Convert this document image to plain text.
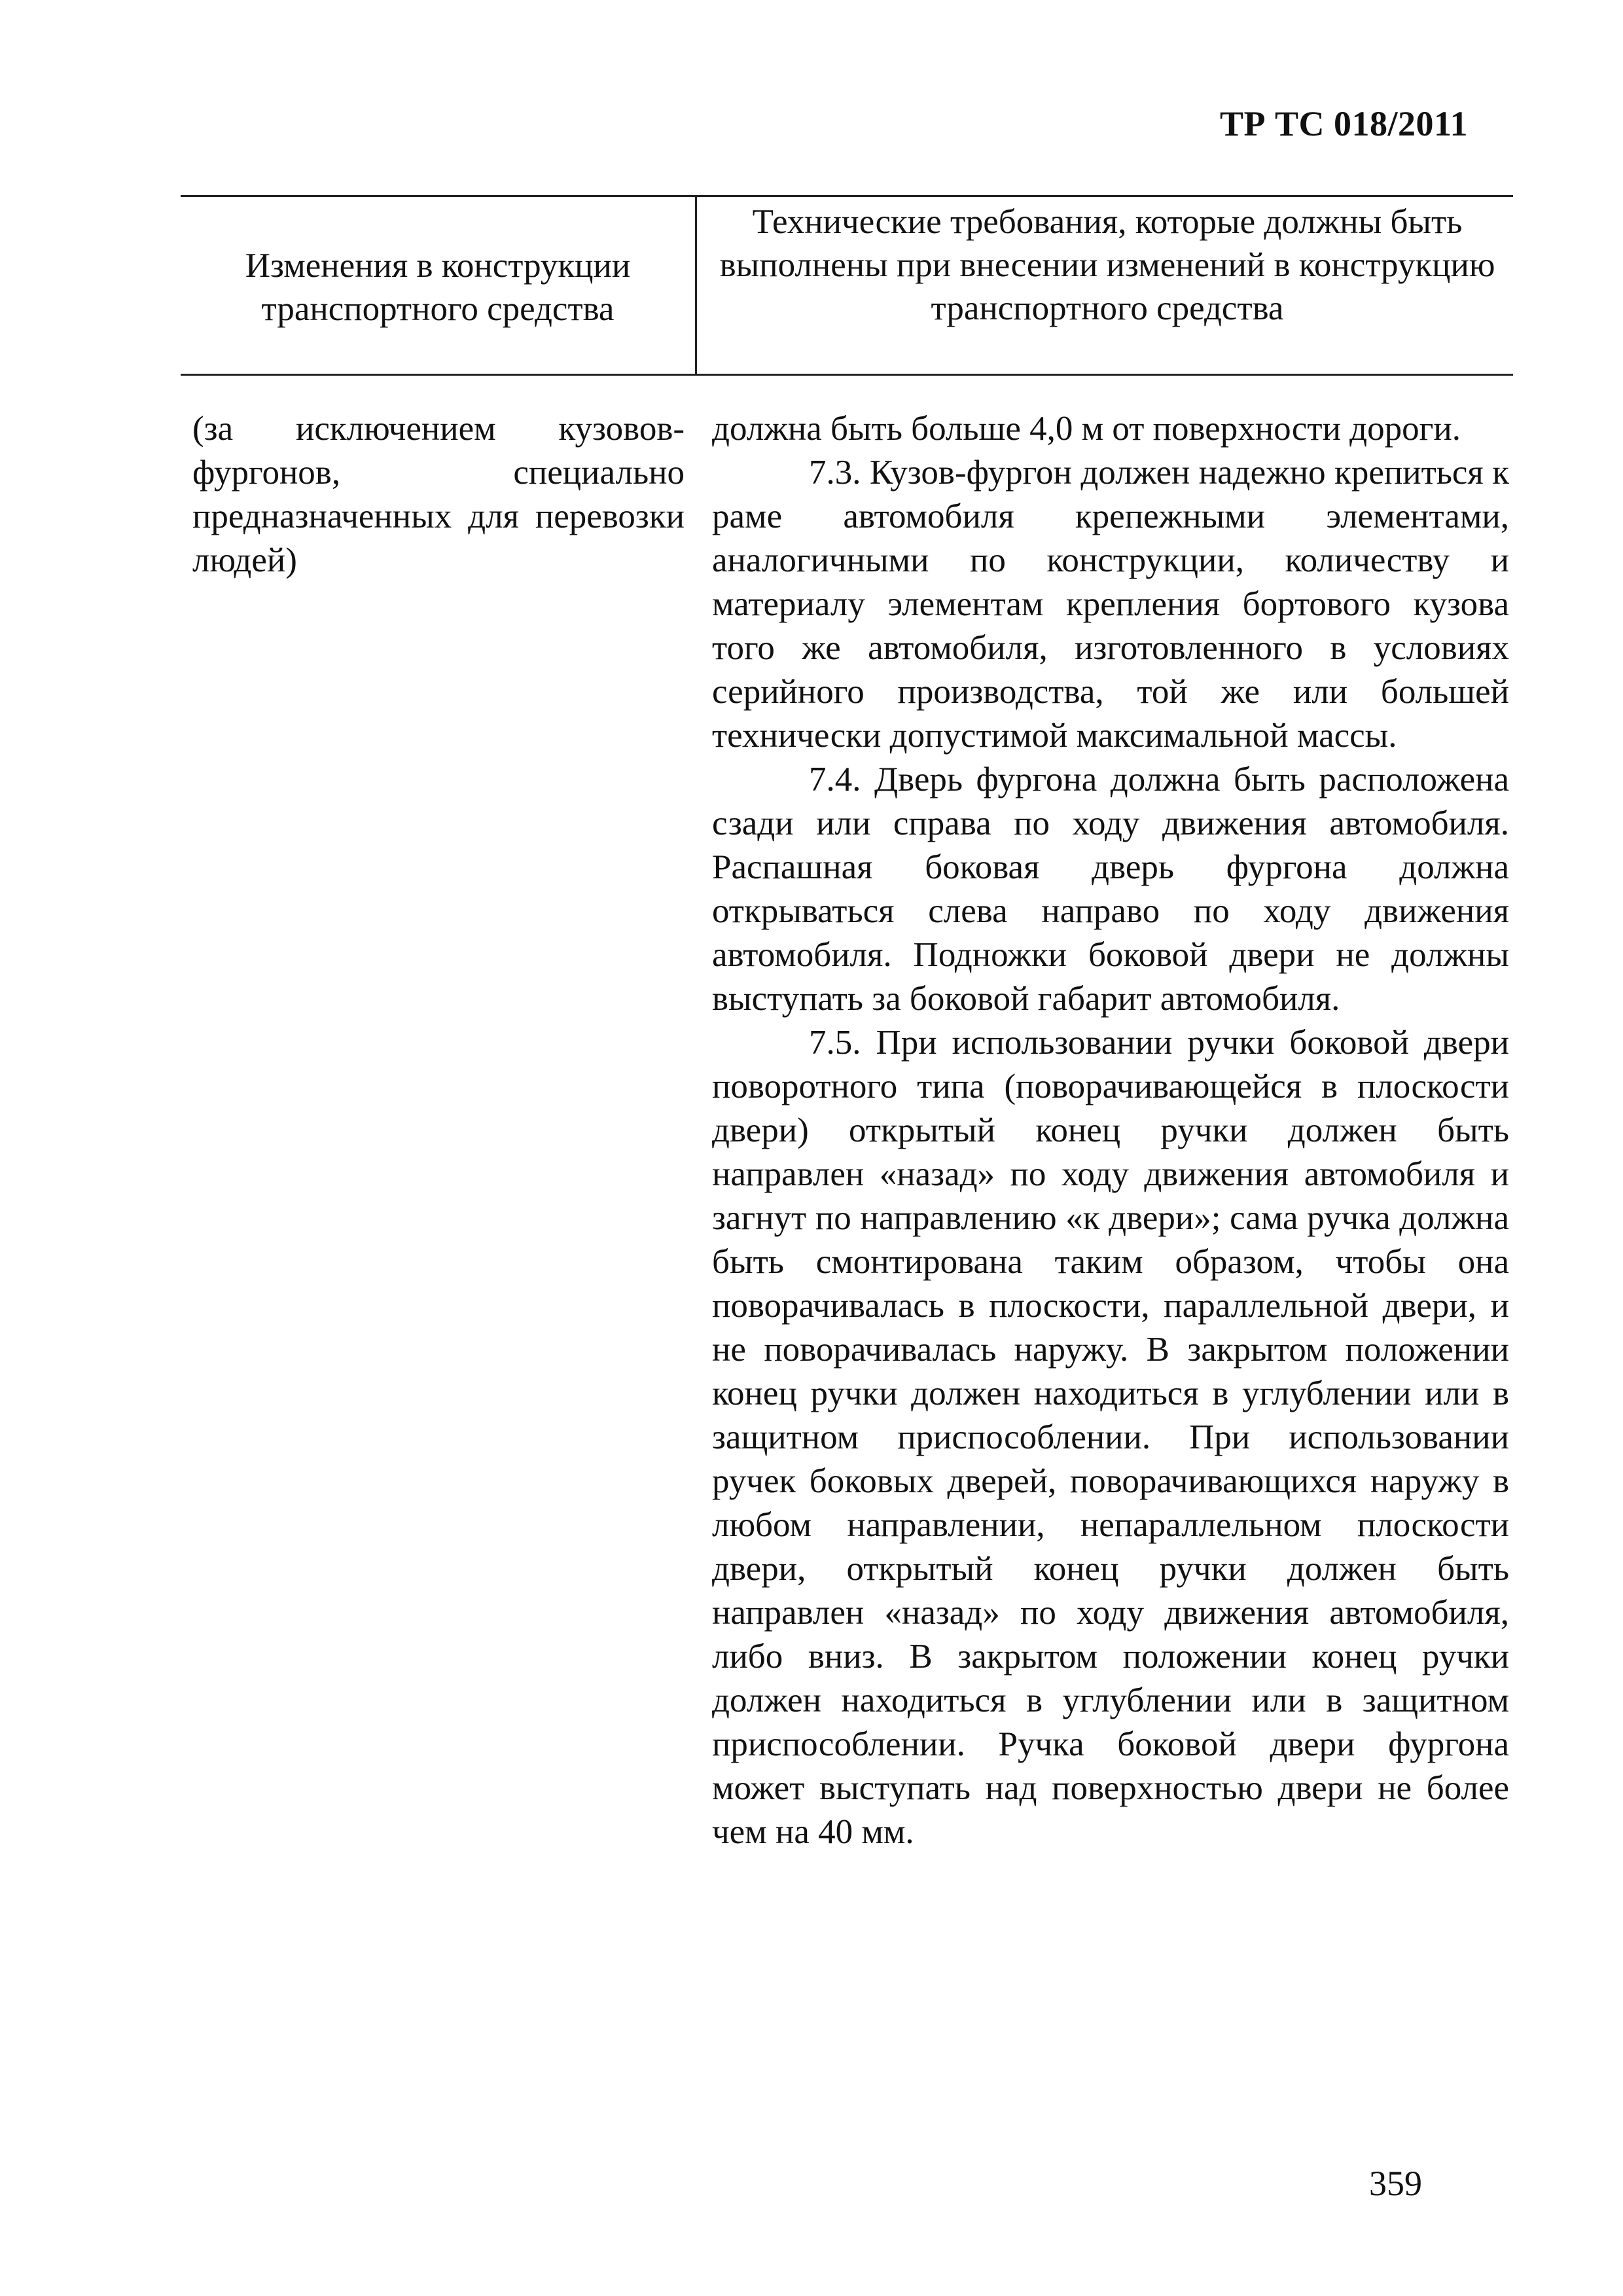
ТР ТС 018/2011
Изменения в конструкции транспортного средства
Технические требования, которые должны быть выполнены при внесении изменений в конструкцию транспортного средства
(за исключением кузовов-фургонов, специально предназначенных для перевозки людей)

должна быть больше 4,0 м от поверхности дороги.

7.3. Кузов-фургон должен надежно крепиться к раме автомобиля крепежными элементами, аналогичными по конструкции, количеству и материалу элементам крепления бортового кузова того же автомобиля, изготовленного в условиях серийного производства, той же или большей технически допустимой максимальной массы.

7.4. Дверь фургона должна быть расположена сзади или справа по ходу движения автомобиля. Распашная боковая дверь фургона должна открываться слева направо по ходу движения автомобиля. Подножки боковой двери не должны выступать за боковой габарит автомобиля.

7.5. При использовании ручки боковой двери поворотного типа (поворачивающейся в плоскости двери) открытый конец ручки должен быть направлен «назад» по ходу движения автомобиля и загнут по направлению «к двери»; сама ручка должна быть смонтирована таким образом, чтобы она поворачивалась в плоскости, параллельной двери, и не поворачивалась наружу. В закрытом положении конец ручки должен находиться в углублении или в защитном приспособлении. При использовании ручек боковых дверей, поворачивающихся наружу в любом направлении, непараллельном плоскости двери, открытый конец ручки должен быть направлен «назад» по ходу движения автомобиля, либо вниз. В закрытом положении конец ручки должен находиться в углублении или в защитном приспособлении. Ручка боковой двери фургона может выступать над поверхностью двери не более чем на 40 мм.

359
